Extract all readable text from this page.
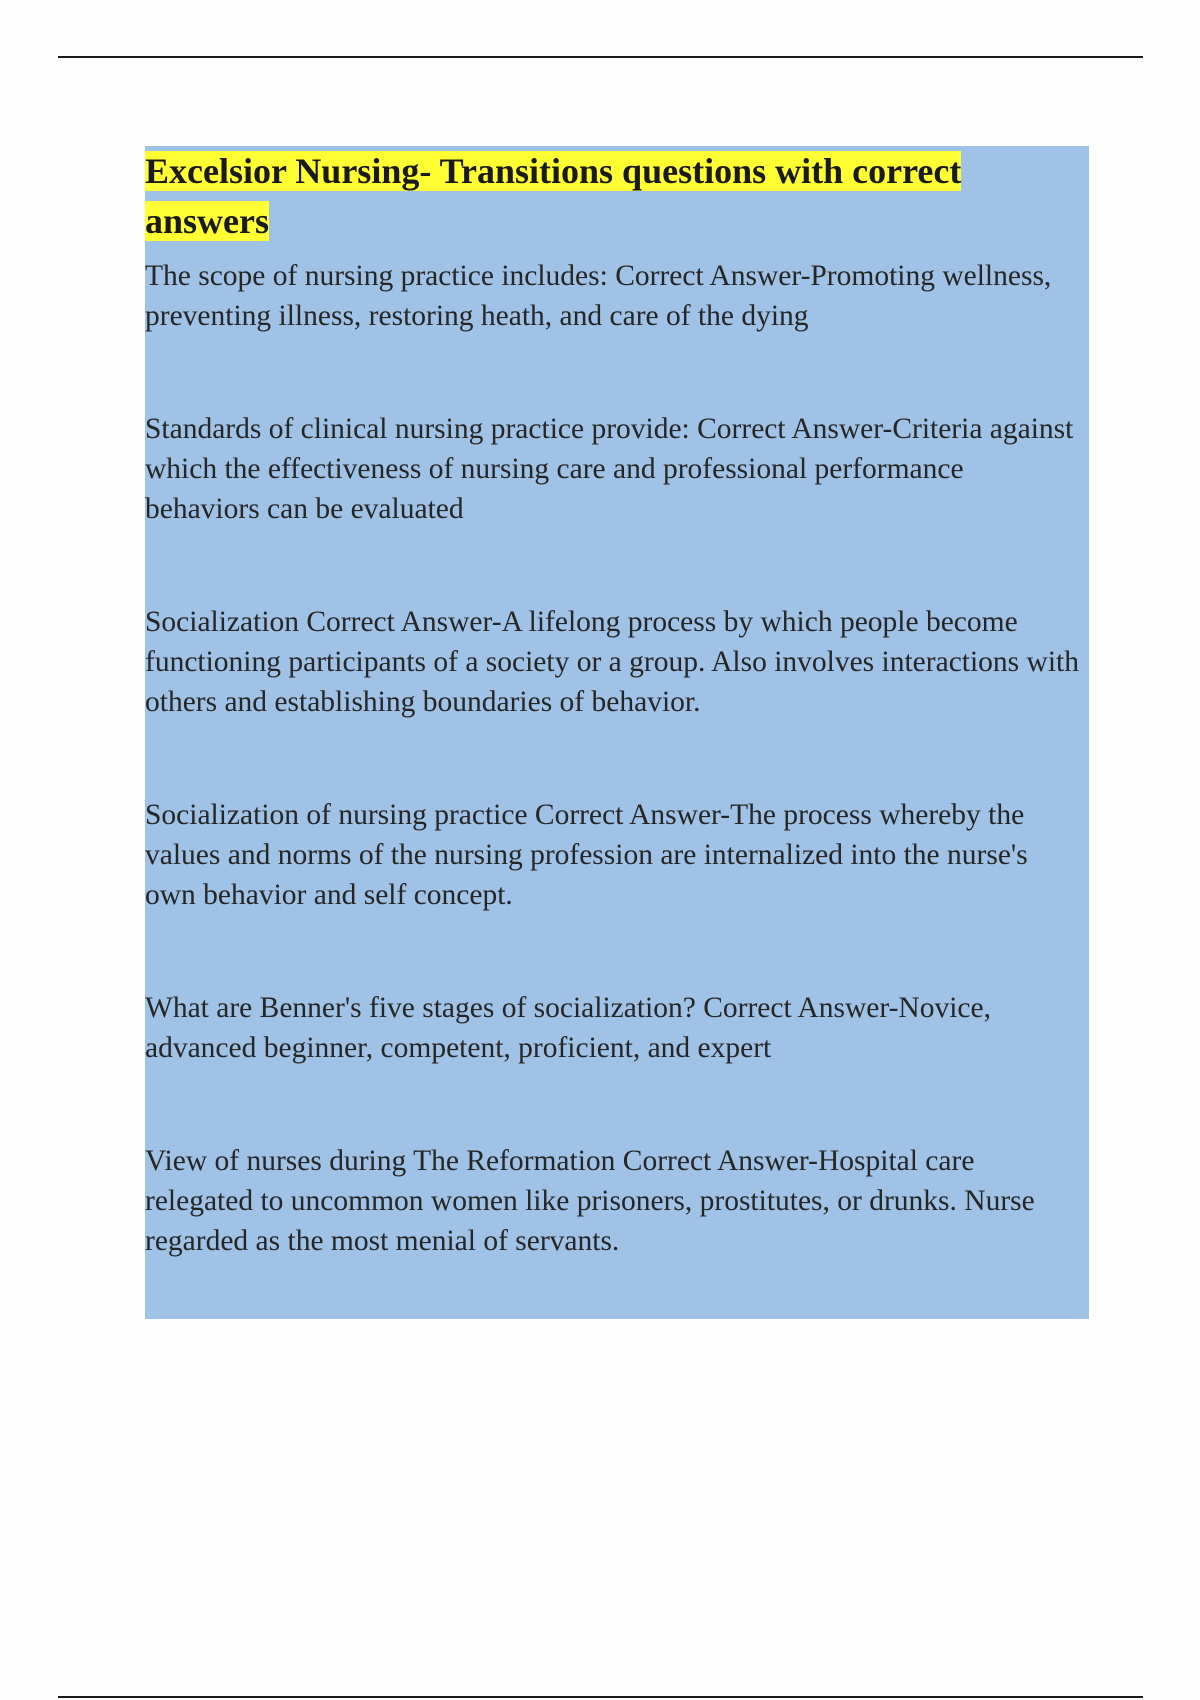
Excelsior Nursing- Transitions questions with correct answers

The scope of nursing practice includes: Correct Answer-Promoting wellness, preventing illness, restoring heath, and care of the dying

Standards of clinical nursing practice provide: Correct Answer-Criteria against which the effectiveness of nursing care and professional performance behaviors can be evaluated

Socialization Correct Answer-A lifelong process by which people become functioning participants of a society or a group. Also involves interactions with others and establishing boundaries of behavior.

Socialization of nursing practice Correct Answer-The process whereby the values and norms of the nursing profession are internalized into the nurse's own behavior and self concept.

What are Benner's five stages of socialization? Correct Answer-Novice, advanced beginner, competent, proficient, and expert

View of nurses during The Reformation Correct Answer-Hospital care relegated to uncommon women like prisoners, prostitutes, or drunks. Nurse regarded as the most menial of servants.
